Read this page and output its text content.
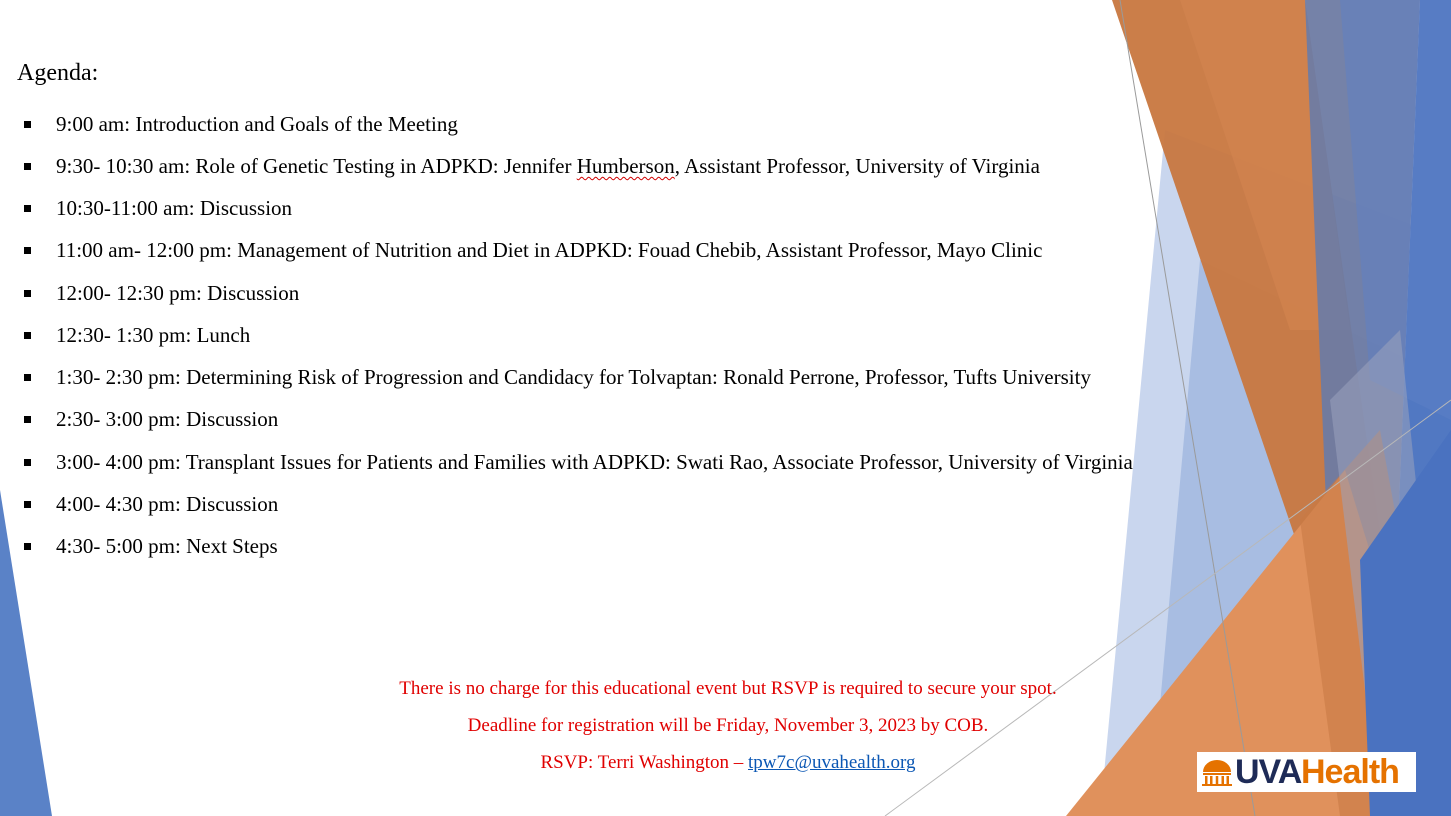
Agenda:
9:00 am: Introduction and Goals of the Meeting
9:30- 10:30 am: Role of Genetic Testing in ADPKD: Jennifer Humberson, Assistant Professor, University of Virginia
10:30-11:00 am: Discussion
11:00 am- 12:00 pm: Management of Nutrition and Diet in ADPKD: Fouad Chebib, Assistant Professor, Mayo Clinic
12:00- 12:30 pm: Discussion
12:30- 1:30 pm: Lunch
1:30- 2:30 pm: Determining Risk of Progression and Candidacy for Tolvaptan: Ronald Perrone, Professor, Tufts University
2:30- 3:00 pm: Discussion
3:00- 4:00 pm: Transplant Issues for Patients and Families with ADPKD: Swati Rao, Associate Professor, University of Virginia
4:00- 4:30 pm: Discussion
4:30- 5:00 pm: Next Steps
There is no charge for this educational event but RSVP is required to secure your spot.
Deadline for registration will be Friday, November 3, 2023 by COB.
RSVP: Terri Washington – tpw7c@uvahealth.org	UVA Health
